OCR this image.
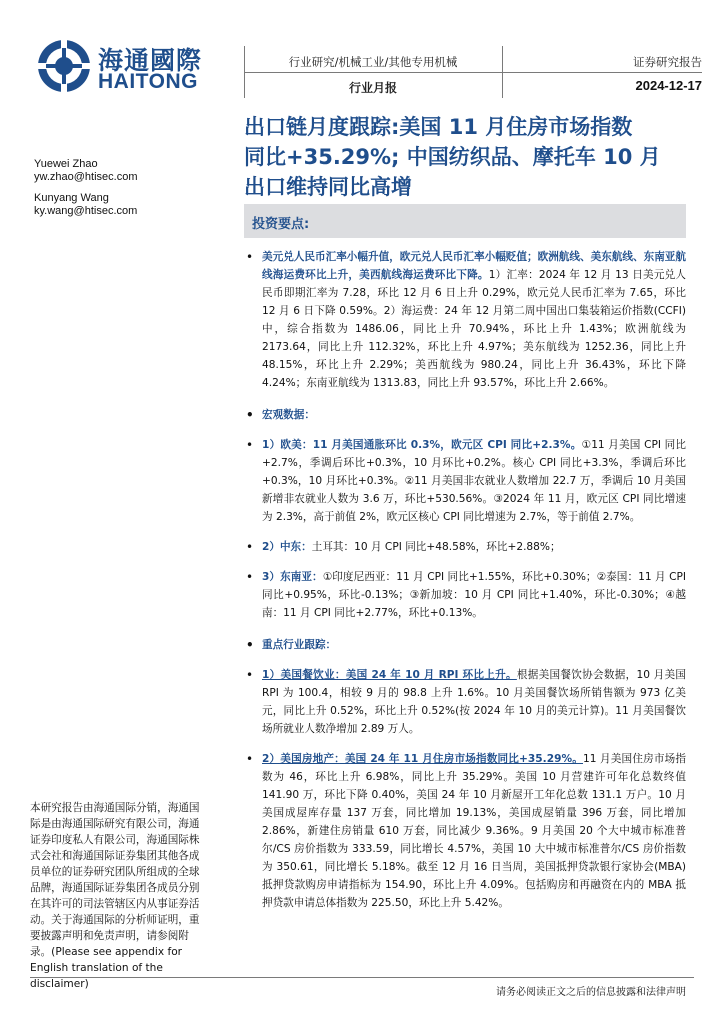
海通國際
HAITONG
行业研究/机械工业/其他专用机械
行业月报
证券研究报告
2024-12-17
出口链月度跟踪:美国 11 月住房市场指数
同比+35.29%; 中国纺织品、摩托车 10 月
出口维持同比高增
Yuewei Zhao
yw.zhao@htisec.com
Kunyang Wang
ky.wang@htisec.com
投资要点:

• 美元兑人民币汇率小幅升值，欧元兑人民币汇率小幅贬值；欧洲航线、美东航线、东南亚航线海运费环比上升，美西航线海运费环比下降。1）汇率：2024 年 12 月 13 日美元兑人民币即期汇率为 7.28，环比 12 月 6 日上升 0.29%，欧元兑人民币汇率为 7.65，环比 12 月 6 日下降 0.59%。2）海运费：24 年 12 月第二周中国出口集装箱运价指数(CCFI)中，综合指数为 1486.06，同比上升 70.94%，环比上升 1.43%；欧洲航线为 2173.64，同比上升 112.32%，环比上升 4.97%；美东航线为 1252.36，同比上升 48.15%，环比上升 2.29%；美西航线为 980.24，同比上升 36.43%，环比下降 4.24%；东南亚航线为 1313.83，同比上升 93.57%，环比上升 2.66%。

• 宏观数据：

• 1）欧美：11 月美国通胀环比 0.3%，欧元区 CPI 同比+2.3%。①11 月美国 CPI 同比+2.7%，季调后环比+0.3%，10 月环比+0.2%。核心 CPI 同比+3.3%，季调后环比+0.3%，10 月环比+0.3%。②11 月美国非农就业人数增加 22.7 万，季调后 10 月美国新增非农就业人数为 3.6 万，环比+530.56%。③2024 年 11 月，欧元区 CPI 同比增速为 2.3%，高于前值 2%，欧元区核心 CPI 同比增速为 2.7%，等于前值 2.7%。

• 2）中东：土耳其：10 月 CPI 同比+48.58%，环比+2.88%；

• 3）东南亚：①印度尼西亚：11 月 CPI 同比+1.55%，环比+0.30%；②泰国：11 月 CPI 同比+0.95%，环比-0.13%；③新加坡：10 月 CPI 同比+1.40%，环比-0.30%；④越南：11 月 CPI 同比+2.77%，环比+0.13%。

• 重点行业跟踪：

• 1）美国餐饮业：美国 24 年 10 月 RPI 环比上升。根据美国餐饮协会数据，10 月美国 RPI 为 100.4，相较 9 月的 98.8 上升 1.6%。10 月美国餐饮场所销售额为 973 亿美元，同比上升 0.52%，环比上升 0.52%(按 2024 年 10 月的美元计算)。11 月美国餐饮场所就业人数净增加 2.89 万人。

• 2）美国房地产：美国 24 年 11 月住房市场指数同比+35.29%。11 月美国住房市场指数为 46，环比上升 6.98%，同比上升 35.29%。美国 10 月营建许可年化总数终值 141.90 万，环比下降 0.40%，美国 24 年 10 月新屋开工年化总数 131.1 万户。10 月美国成屋库存量 137 万套，同比增加 19.13%，美国成屋销量 396 万套，同比增加 2.86%，新建住房销量 610 万套，同比减少 9.36%。9 月美国 20 个大中城市标准普尔/CS 房价指数为 333.59，同比增长 4.57%，美国 10 大中城市标准普尔/CS 房价指数为 350.61，同比增长 5.18%。截至 12 月 16 日当周，美国抵押贷款银行家协会(MBA)抵押贷款购房申请指标为 154.90，环比上升 4.09%。包括购房和再融资在内的 MBA 抵押贷款申请总体指数为 225.50，环比上升 5.42%。

本研究报告由海通国际分销，海通国际是由海通国际研究有限公司，海通证券印度私人有限公司，海通国际株式会社和海通国际证券集团其他各成员单位的证券研究团队所组成的全球品牌，海通国际证券集团各成员分别在其许可的司法管辖区内从事证券活动。关于海通国际的分析师证明，重要披露声明和免责声明，请参阅附录。(Please see appendix for English translation of the disclaimer)
请务必阅读正文之后的信息披露和法律声明
